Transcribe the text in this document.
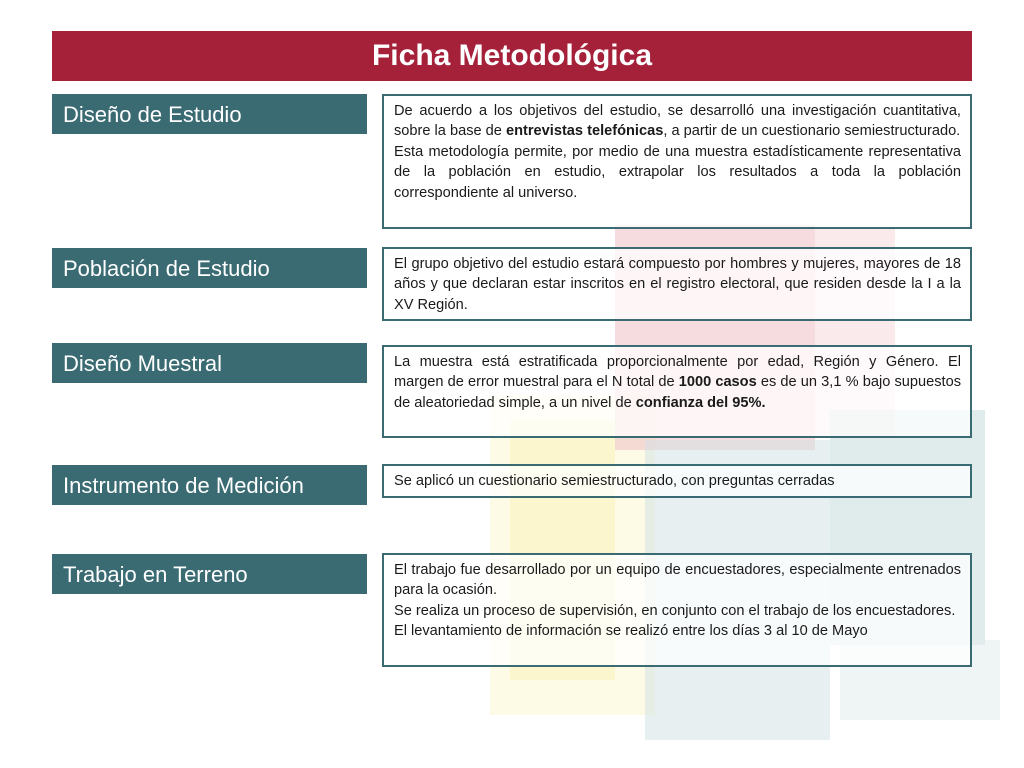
Ficha Metodológica
Diseño de Estudio	De acuerdo a los objetivos del estudio, se desarrolló una investigación cuantitativa, sobre la base de entrevistas telefónicas, a partir de un cuestionario semiestructurado.

Esta metodología permite, por medio de una muestra estadísticamente representativa de la población en estudio, extrapolar los resultados a toda la población correspondiente al universo.

Población de Estudio	El grupo objetivo del estudio estará compuesto por hombres y mujeres, mayores de 18 años y que declaran estar inscritos en el registro electoral, que residen desde la I a la XV Región.

Diseño Muestral	La muestra está estratificada proporcionalmente por edad, Región y Género. El margen de error muestral para el N total de 1000 casos es de un 3,1 % bajo supuestos de aleatoriedad simple, a un nivel de confianza del 95%.

Instrumento de Medición	Se aplicó un cuestionario semiestructurado, con preguntas cerradas

Trabajo en Terreno	El trabajo fue desarrollado por un equipo de encuestadores, especialmente entrenados para la ocasión.

Se realiza un proceso de supervisión, en conjunto con el trabajo de los encuestadores.

El levantamiento de información se realizó entre los días 3 al 10 de Mayo
